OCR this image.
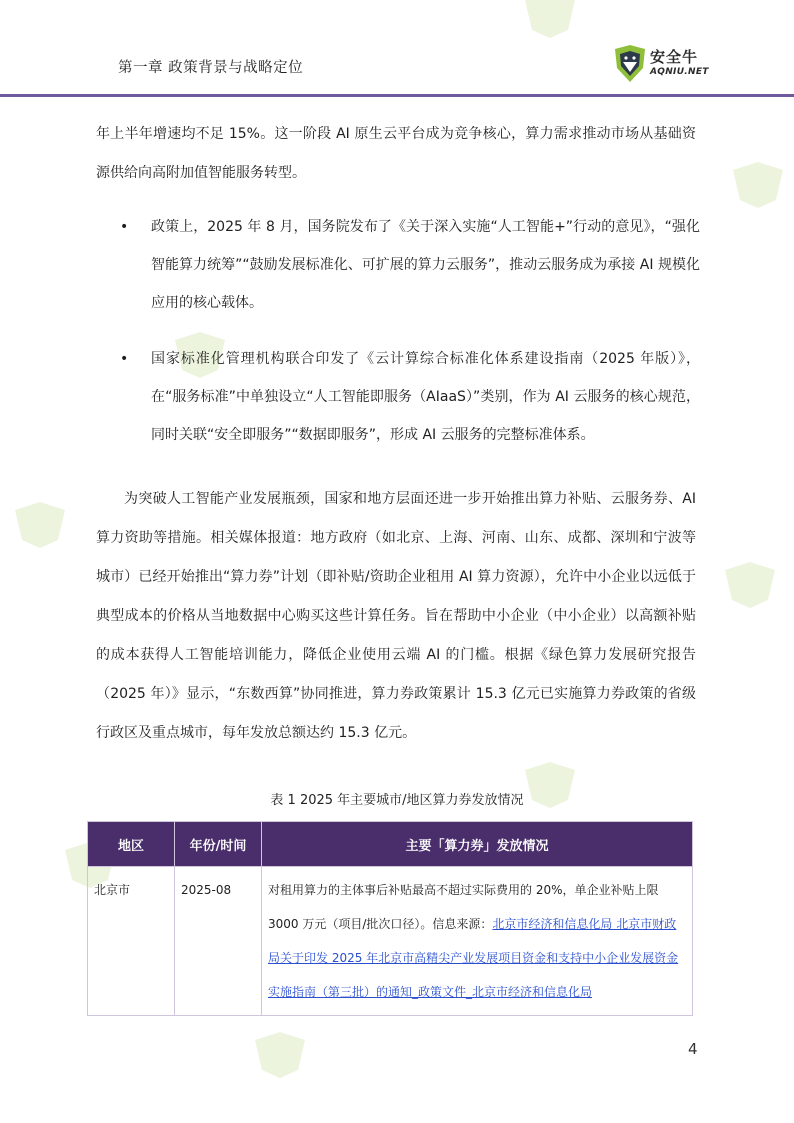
第一章 政策背景与战略定位
安全牛
AQNIU.NET
年上半年增速均不足 15%。这一阶段 AI 原生云平台成为竞争核心，算力需求推动市场从基础资源供给向高附加值智能服务转型。
• 政策上，2025 年 8 月，国务院发布了《关于深入实施“人工智能+”行动的意见》，“强化智能算力统筹”“鼓励发展标准化、可扩展的算力云服务”，推动云服务成为承接 AI 规模化应用的核心载体。
• 国家标准化管理机构联合印发了《云计算综合标准化体系建设指南（2025 年版）》，在“服务标准”中单独设立“人工智能即服务（AIaaS）”类别，作为 AI 云服务的核心规范，同时关联“安全即服务”“数据即服务”，形成 AI 云服务的完整标准体系。
为突破人工智能产业发展瓶颈，国家和地方层面还进一步开始推出算力补贴、云服务券、AI 算力资助等措施。相关媒体报道：地方政府（如北京、上海、河南、山东、成都、深圳和宁波等城市）已经开始推出“算力券”计划（即补贴/资助企业租用 AI 算力资源），允许中小企业以远低于典型成本的价格从当地数据中心购买这些计算任务。旨在帮助中小企业（中小企业）以高额补贴的成本获得人工智能培训能力，降低企业使用云端 AI 的门槛。根据《绿色算力发展研究报告（2025 年）》显示，“东数西算”协同推进，算力券政策累计 15.3 亿元已实施算力券政策的省级行政区及重点城市，每年发放总额达约 15.3 亿元。
表 1 2025 年主要城市/地区算力券发放情况
地区	年份/时间	主要「算力券」发放情况
北京市	2025-08	对租用算力的主体事后补贴最高不超过实际费用的 20%，单企业补贴上限 3000 万元（项目/批次口径）。信息来源：北京市经济和信息化局 北京市财政局关于印发 2025 年北京市高精尖产业发展项目资金和支持中小企业发展资金实施指南（第三批）的通知_政策文件_北京市经济和信息化局
4
